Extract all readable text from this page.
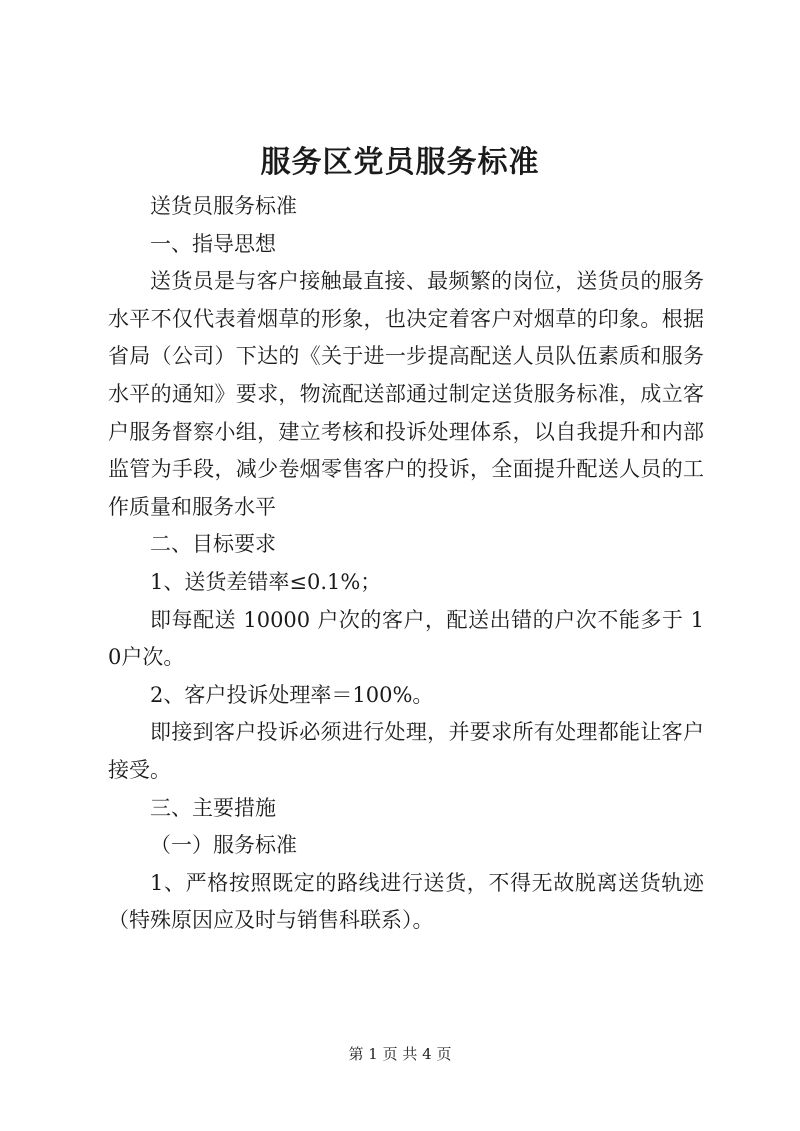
服务区党员服务标准

送货员服务标准

一、指导思想

送货员是与客户接触最直接、最频繁的岗位，送货员的服务水平不仅代表着烟草的形象，也决定着客户对烟草的印象。根据省局（公司）下达的《关于进一步提高配送人员队伍素质和服务水平的通知》要求，物流配送部通过制定送货服务标准，成立客户服务督察小组，建立考核和投诉处理体系，以自我提升和内部监管为手段，减少卷烟零售客户的投诉，全面提升配送人员的工作质量和服务水平

二、目标要求

1、送货差错率≤0.1%；

即每配送 10000 户次的客户，配送出错的户次不能多于 10户次。

2、客户投诉处理率＝100%。

即接到客户投诉必须进行处理，并要求所有处理都能让客户接受。

三、主要措施

（一）服务标准

1、严格按照既定的路线进行送货，不得无故脱离送货轨迹（特殊原因应及时与销售科联系）。

第 1 页 共 4 页
